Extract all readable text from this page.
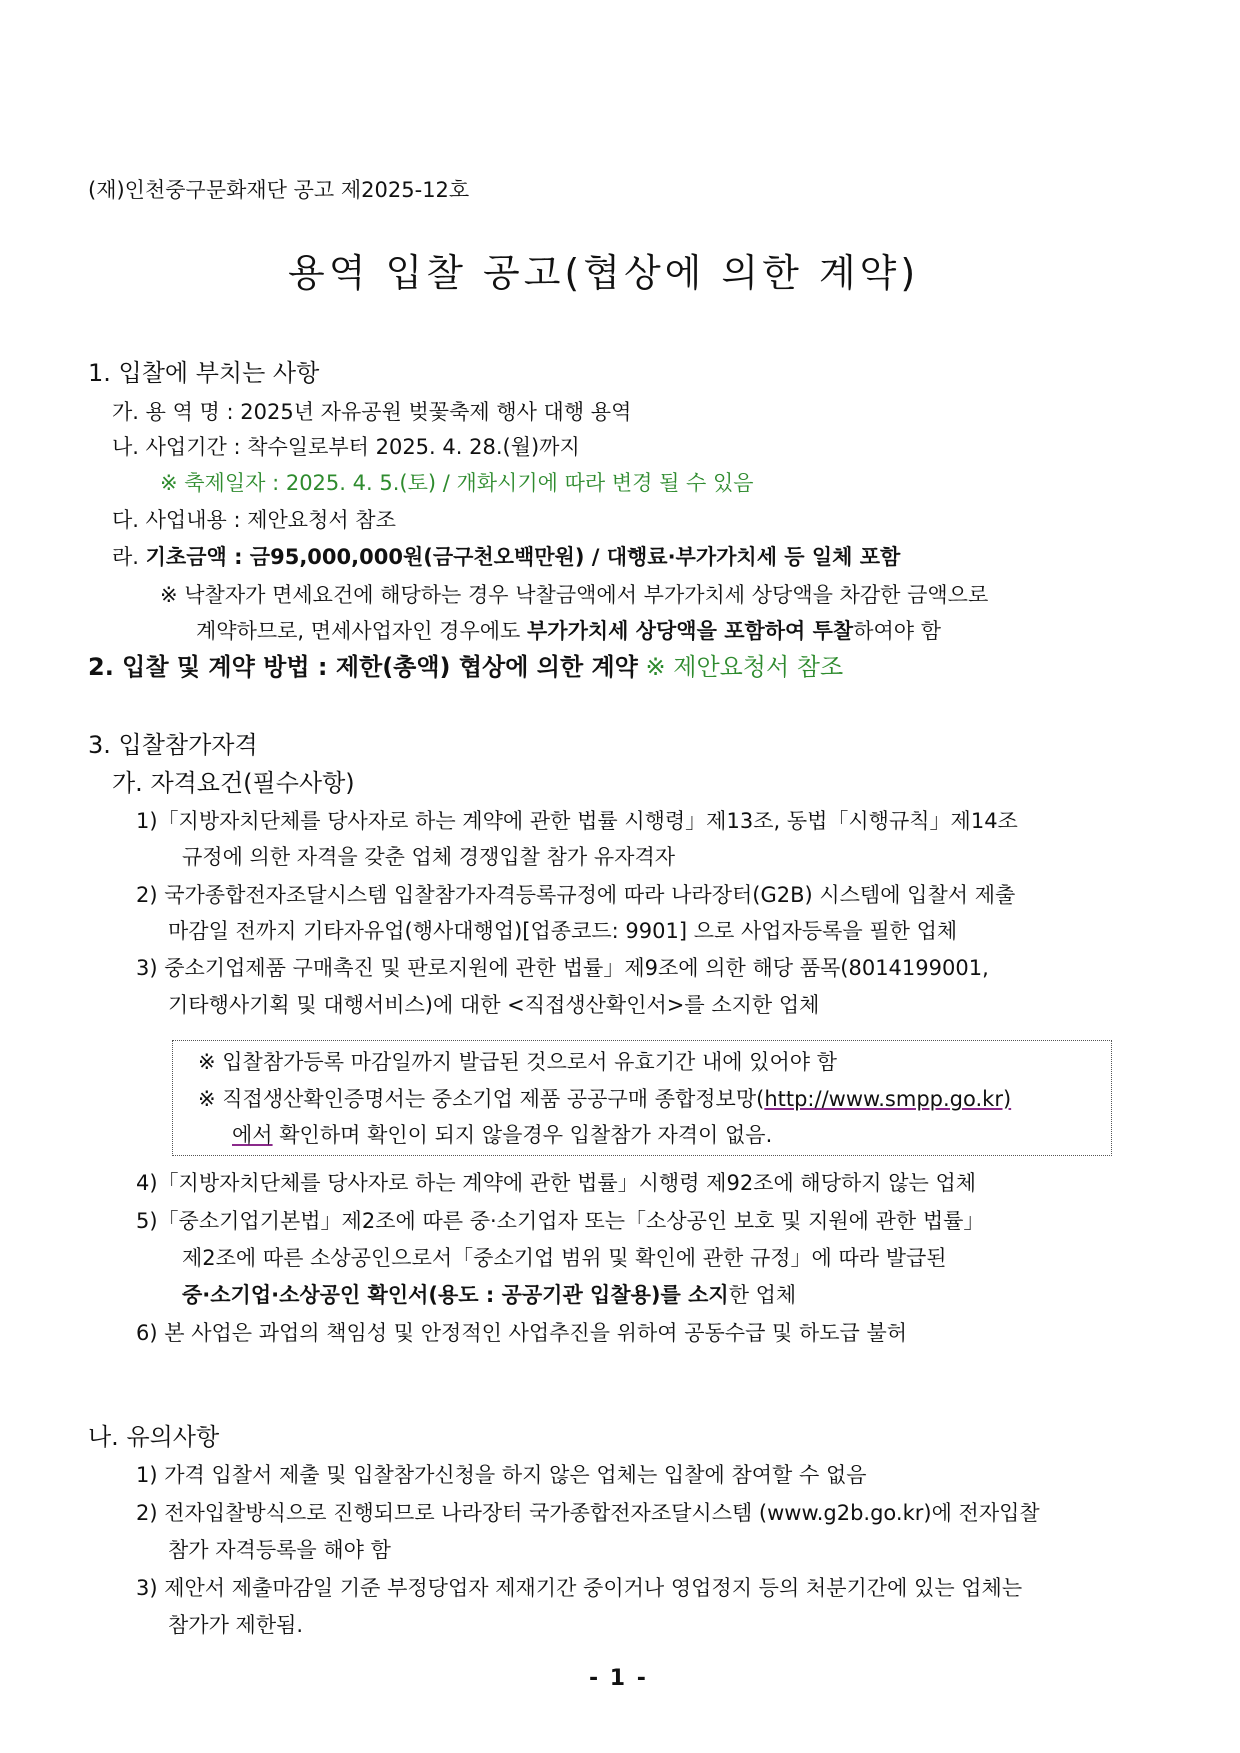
(재)인천중구문화재단 공고 제2025-12호
용역 입찰 공고(협상에 의한 계약)
1. 입찰에 부치는 사항
가. 용 역 명 : 2025년 자유공원 벚꽃축제 행사 대행 용역
나. 사업기간 : 착수일로부터 2025. 4. 28.(월)까지
※ 축제일자 : 2025. 4. 5.(토) / 개화시기에 따라 변경 될 수 있음
다. 사업내용 : 제안요청서 참조
라. 기초금액 : 금95,000,000원(금구천오백만원) / 대행료·부가가치세 등 일체 포함
※ 낙찰자가 면세요건에 해당하는 경우 낙찰금액에서 부가가치세 상당액을 차감한 금액으로
계약하므로, 면세사업자인 경우에도 부가가치세 상당액을 포함하여 투찰하여야 함
2. 입찰 및 계약 방법 : 제한(총액) 협상에 의한 계약 ※ 제안요청서 참조
3. 입찰참가자격
가. 자격요건(필수사항)
1)「지방자치단체를 당사자로 하는 계약에 관한 법률 시행령」제13조, 동법「시행규칙」제14조
규정에 의한 자격을 갖춘 업체 경쟁입찰 참가 유자격자
2) 국가종합전자조달시스템 입찰참가자격등록규정에 따라 나라장터(G2B) 시스템에 입찰서 제출
마감일 전까지 기타자유업(행사대행업)[업종코드: 9901] 으로 사업자등록을 필한 업체
3) 중소기업제품 구매촉진 및 판로지원에 관한 법률」제9조에 의한 해당 품목(8014199001,
기타행사기획 및 대행서비스)에 대한 <직접생산확인서>를 소지한 업체
※ 입찰참가등록 마감일까지 발급된 것으로서 유효기간 내에 있어야 함
※ 직접생산확인증명서는 중소기업 제품 공공구매 종합정보망(http://www.smpp.go.kr)
에서 확인하며 확인이 되지 않을경우 입찰참가 자격이 없음.
4)「지방자치단체를 당사자로 하는 계약에 관한 법률」시행령 제92조에 해당하지 않는 업체
5)「중소기업기본법」제2조에 따른 중·소기업자 또는「소상공인 보호 및 지원에 관한 법률」
제2조에 따른 소상공인으로서「중소기업 범위 및 확인에 관한 규정」에 따라 발급된
중·소기업·소상공인 확인서(용도 : 공공기관 입찰용)를 소지한 업체
6) 본 사업은 과업의 책임성 및 안정적인 사업추진을 위하여 공동수급 및 하도급 불허
나. 유의사항
1) 가격 입찰서 제출 및 입찰참가신청을 하지 않은 업체는 입찰에 참여할 수 없음
2) 전자입찰방식으로 진행되므로 나라장터 국가종합전자조달시스템 (www.g2b.go.kr)에 전자입찰
참가 자격등록을 해야 함
3) 제안서 제출마감일 기준 부정당업자 제재기간 중이거나 영업정지 등의 처분기간에 있는 업체는
참가가 제한됨.
- 1 -
